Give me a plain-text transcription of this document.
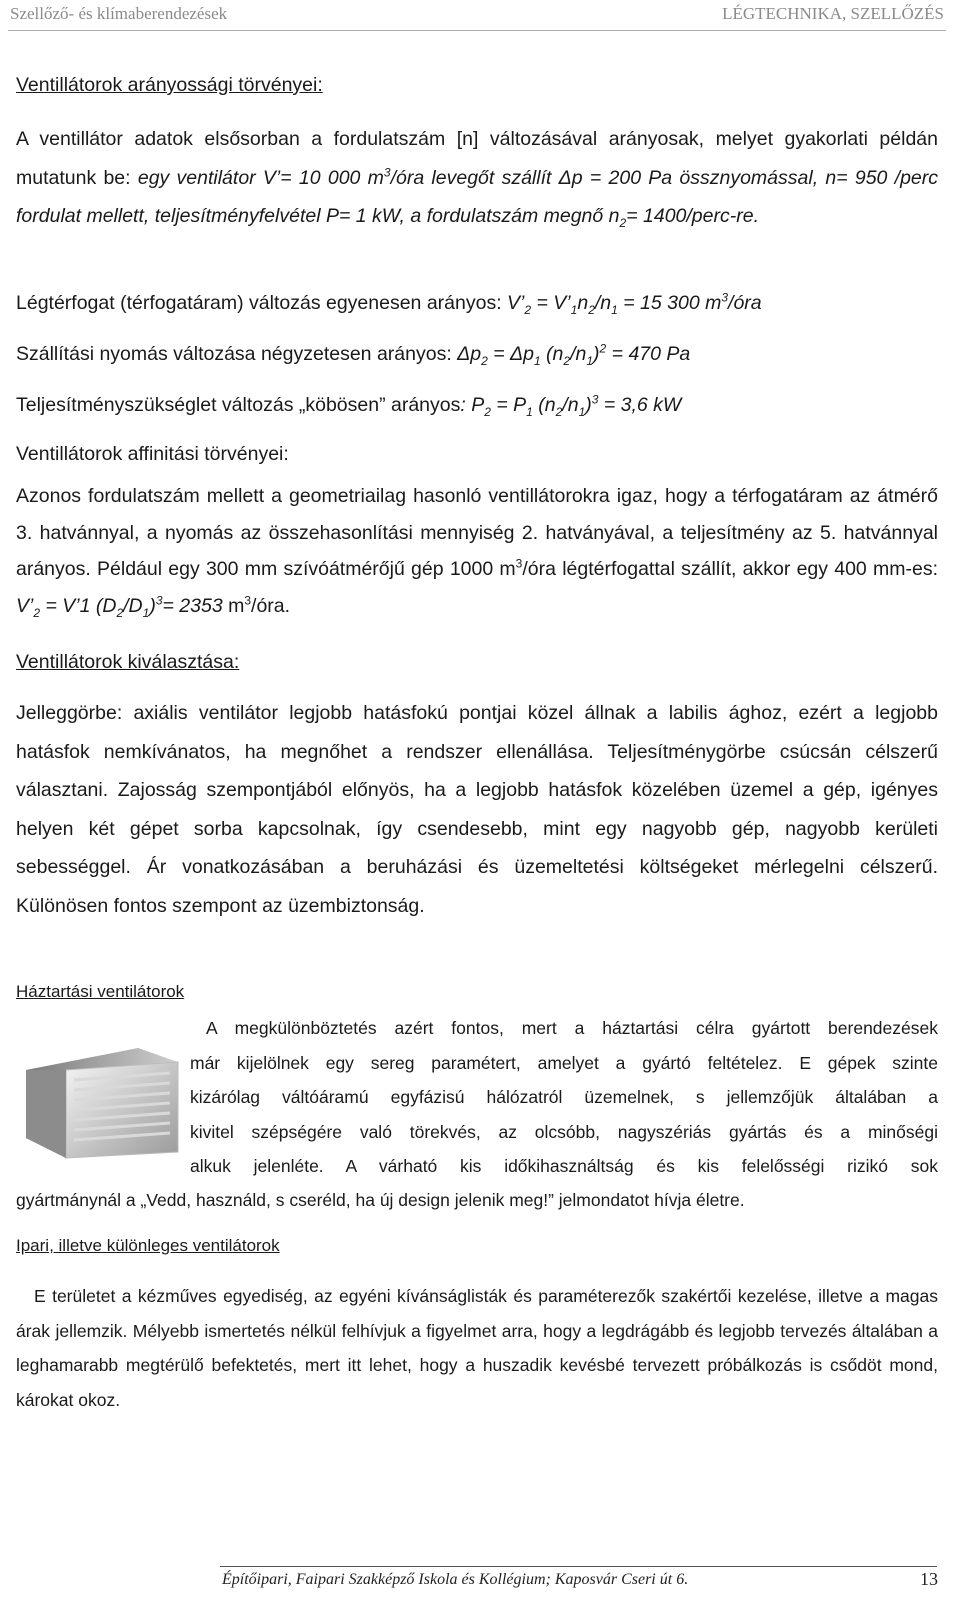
Szellőző- és klímaberendezések	LÉGTECHNIKA, SZELLŐZÉS
Ventillátorok arányossági törvényei:
A ventillátor adatok elsősorban a fordulatszám [n] változásával arányosak, melyet gyakorlati példán mutatunk be: egy ventilátor V’= 10 000 $m^3$/óra levegőt szállít Δp = 200 Pa össznyomással, n= 950 /perc fordulat mellett, teljesítményfelvétel P= 1 kW, a fordulatszám megnő $n_2=$ 1400/perc-re.
Légtérfogat (térfogatáram) változás egyenesen arányos: $V’_2$ = $V’_1n_2/n_1 = 15$ 300 $m^3$/óra
Szállítási nyomás változása négyzetesen arányos: $\Delta p_2 = \Delta p_1$ $(n_2/n_1)^2 = 470$ Pa
Teljesítményszükséglet változás „köbösen” arányos: $P_2 = P_1$ $(n_2/n_1)^3 = 3,6$ kW
Ventillátorok affinitási törvényei:
Azonos fordulatszám mellett a geometriailag hasonló ventillátorokra igaz, hogy a térfogatáram az átmérő 3. hatvánnyal, a nyomás az összehasonlítási mennyiség 2. hatványával, a teljesítmény az 5. hatvánnyal arányos. Például egy 300 mm szívóátmérőjű gép 1000 $m^3$/óra légtérfogattal szállít, akkor egy 400 mm-es: $V’_2$ = V’1 $(D_2/D_1)^3= 2353$ $m^3$/óra.
Ventillátorok kiválasztása:
Jelleggörbe: axiális ventilátor legjobb hatásfokú pontjai közel állnak a labilis ághoz, ezért a legjobb hatásfok nemkívánatos, ha megnőhet a rendszer ellenállása. Teljesítménygörbe csúcsán célszerű választani. Zajosság szempontjából előnyös, ha a legjobb hatásfok közelében üzemel a gép, igényes helyen két gépet sorba kapcsolnak, így csendesebb, mint egy nagyobb gép, nagyobb kerületi sebességgel. Ár vonatkozásában a beruházási és üzemeltetési költségeket mérlegelni célszerű. Különösen fontos szempont az üzembiztonság.
Háztartási ventilátorok
A megkülönböztetés azért fontos, mert a háztartási célra gyártott berendezések
már kijelölnek egy sereg paramétert, amelyet a gyártó feltételez. E gépek szinte
kizárólag váltóáramú egyfázisú hálózatról üzemelnek, s jellemzőjük általában a
kivitel szépségére való törekvés, az olcsóbb, nagyszériás gyártás és a minőségi
alkuk jelenléte. A várható kis időkihasználtság és kis felelősségi rizikó sok
gyártmánynál a „Vedd, használd, s cseréld, ha új design jelenik meg!” jelmondatot hívja életre.
Ipari, illetve különleges ventilátorok
E területet a kézműves egyediség, az egyéni kívánságlisták és paraméterezők szakértői kezelése, illetve a magas árak jellemzik. Mélyebb ismertetés nélkül felhívjuk a figyelmet arra, hogy a legdrágább és legjobb tervezés általában a leghamarabb megtérülő befektetés, mert itt lehet, hogy a huszadik kevésbé tervezett próbálkozás is csődöt mond, károkat okoz.
Építőipari, Faipari Szakképző Iskola és Kollégium; Kaposvár Cseri út 6.	13
